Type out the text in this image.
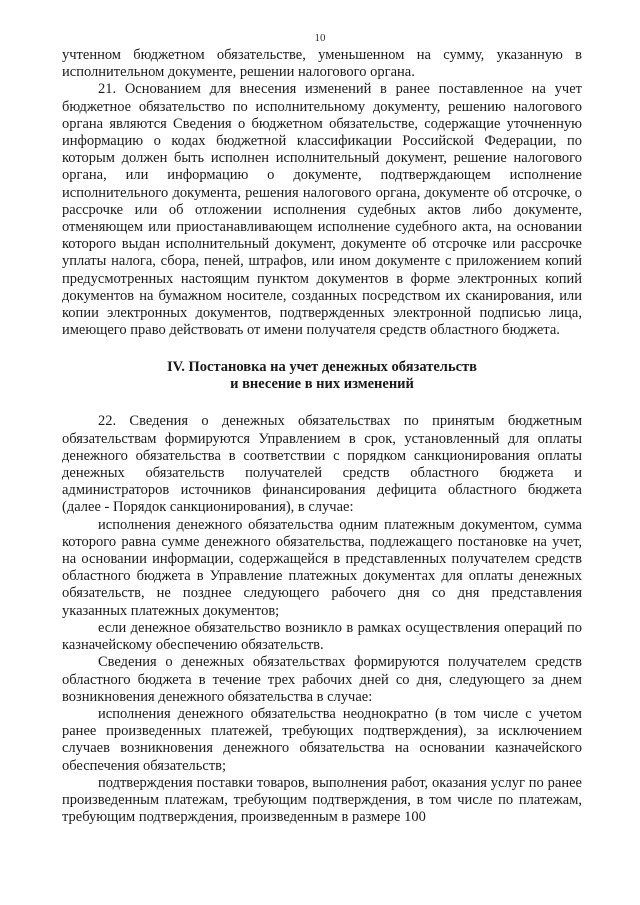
10

учтенном бюджетном обязательстве, уменьшенном на сумму, указанную в исполнительном документе, решении налогового органа.

21. Основанием для внесения изменений в ранее поставленное на учет бюджетное обязательство по исполнительному документу, решению налогового органа являются Сведения о бюджетном обязательстве, содержащие уточненную информацию о кодах бюджетной классификации Российской Федерации, по которым должен быть исполнен исполнительный документ, решение налогового органа, или информацию о документе, подтверждающем исполнение исполнительного документа, решения налогового органа, документе об отсрочке, о рассрочке или об отложении исполнения судебных актов либо документе, отменяющем или приостанавливающем исполнение судебного акта, на основании которого выдан исполнительный документ, документе об отсрочке или рассрочке уплаты налога, сбора, пеней, штрафов, или ином документе с приложением копий предусмотренных настоящим пунктом документов в форме электронных копий документов на бумажном носителе, созданных посредством их сканирования, или копии электронных документов, подтвержденных электронной подписью лица, имеющего право действовать от имени получателя средств областного бюджета.

IV. Постановка на учет денежных обязательств
и внесение в них изменений

22. Сведения о денежных обязательствах по принятым бюджетным обязательствам формируются Управлением в срок, установленный для оплаты денежного обязательства в соответствии с порядком санкционирования оплаты денежных обязательств получателей средств областного бюджета и администраторов источников финансирования дефицита областного бюджета (далее - Порядок санкционирования), в случае:

исполнения денежного обязательства одним платежным документом, сумма которого равна сумме денежного обязательства, подлежащего постановке на учет, на основании информации, содержащейся в представленных получателем средств областного бюджета в Управление платежных документах для оплаты денежных обязательств, не позднее следующего рабочего дня со дня представления указанных платежных документов;

если денежное обязательство возникло в рамках осуществления операций по казначейскому обеспечению обязательств.

Сведения о денежных обязательствах формируются получателем средств областного бюджета в течение трех рабочих дней со дня, следующего за днем возникновения денежного обязательства в случае:

исполнения денежного обязательства неоднократно (в том числе с учетом ранее произведенных платежей, требующих подтверждения), за исключением случаев возникновения денежного обязательства на основании казначейского обеспечения обязательств;

подтверждения поставки товаров, выполнения работ, оказания услуг по ранее произведенным платежам, требующим подтверждения, в том числе по платежам, требующим подтверждения, произведенным в размере 100
